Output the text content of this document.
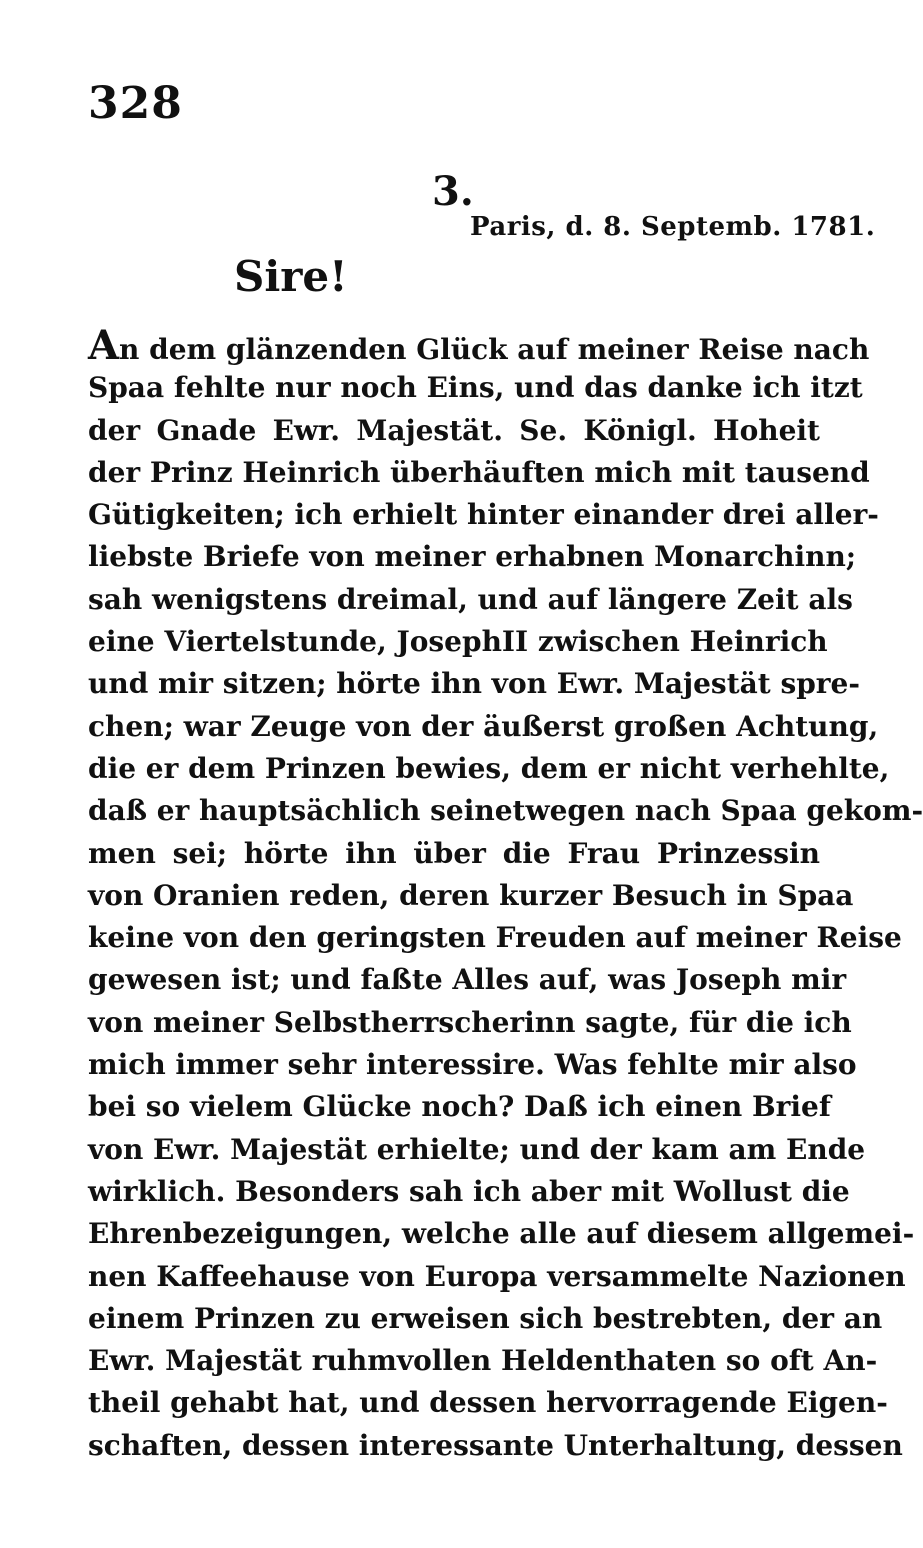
328
3.
Paris, d. 8. Septemb. 1781.
Sire!
An dem glänzenden Glück auf meiner Reise nach
Spaa fehlte nur noch Eins, und das danke ich itzt
der Gnade Ewr. Majestät. Se. Königl. Hoheit
der Prinz Heinrich überhäuften mich mit tausend
Gütigkeiten; ich erhielt hinter einander drei aller-
liebste Briefe von meiner erhabnen Monarchinn;
sah wenigstens dreimal, und auf längere Zeit als
eine Viertelstunde, JosephII zwischen Heinrich
und mir sitzen; hörte ihn von Ewr. Majestät spre-
chen; war Zeuge von der äußerst großen Achtung,
die er dem Prinzen bewies, dem er nicht verhehlte,
daß er hauptsächlich seinetwegen nach Spaa gekom-
men sei; hörte ihn über die Frau Prinzessin
von Oranien reden, deren kurzer Besuch in Spaa
keine von den geringsten Freuden auf meiner Reise
gewesen ist; und faßte Alles auf, was Joseph mir
von meiner Selbstherrscherinn sagte, für die ich
mich immer sehr interessire. Was fehlte mir also
bei so vielem Glücke noch? Daß ich einen Brief
von Ewr. Majestät erhielte; und der kam am Ende
wirklich. Besonders sah ich aber mit Wollust die
Ehrenbezeigungen, welche alle auf diesem allgemei-
nen Kaffeehause von Europa versammelte Nazionen
einem Prinzen zu erweisen sich bestrebten, der an
Ewr. Majestät ruhmvollen Heldenthaten so oft An-
theil gehabt hat, und dessen hervorragende Eigen-
schaften, dessen interessante Unterhaltung, dessen
